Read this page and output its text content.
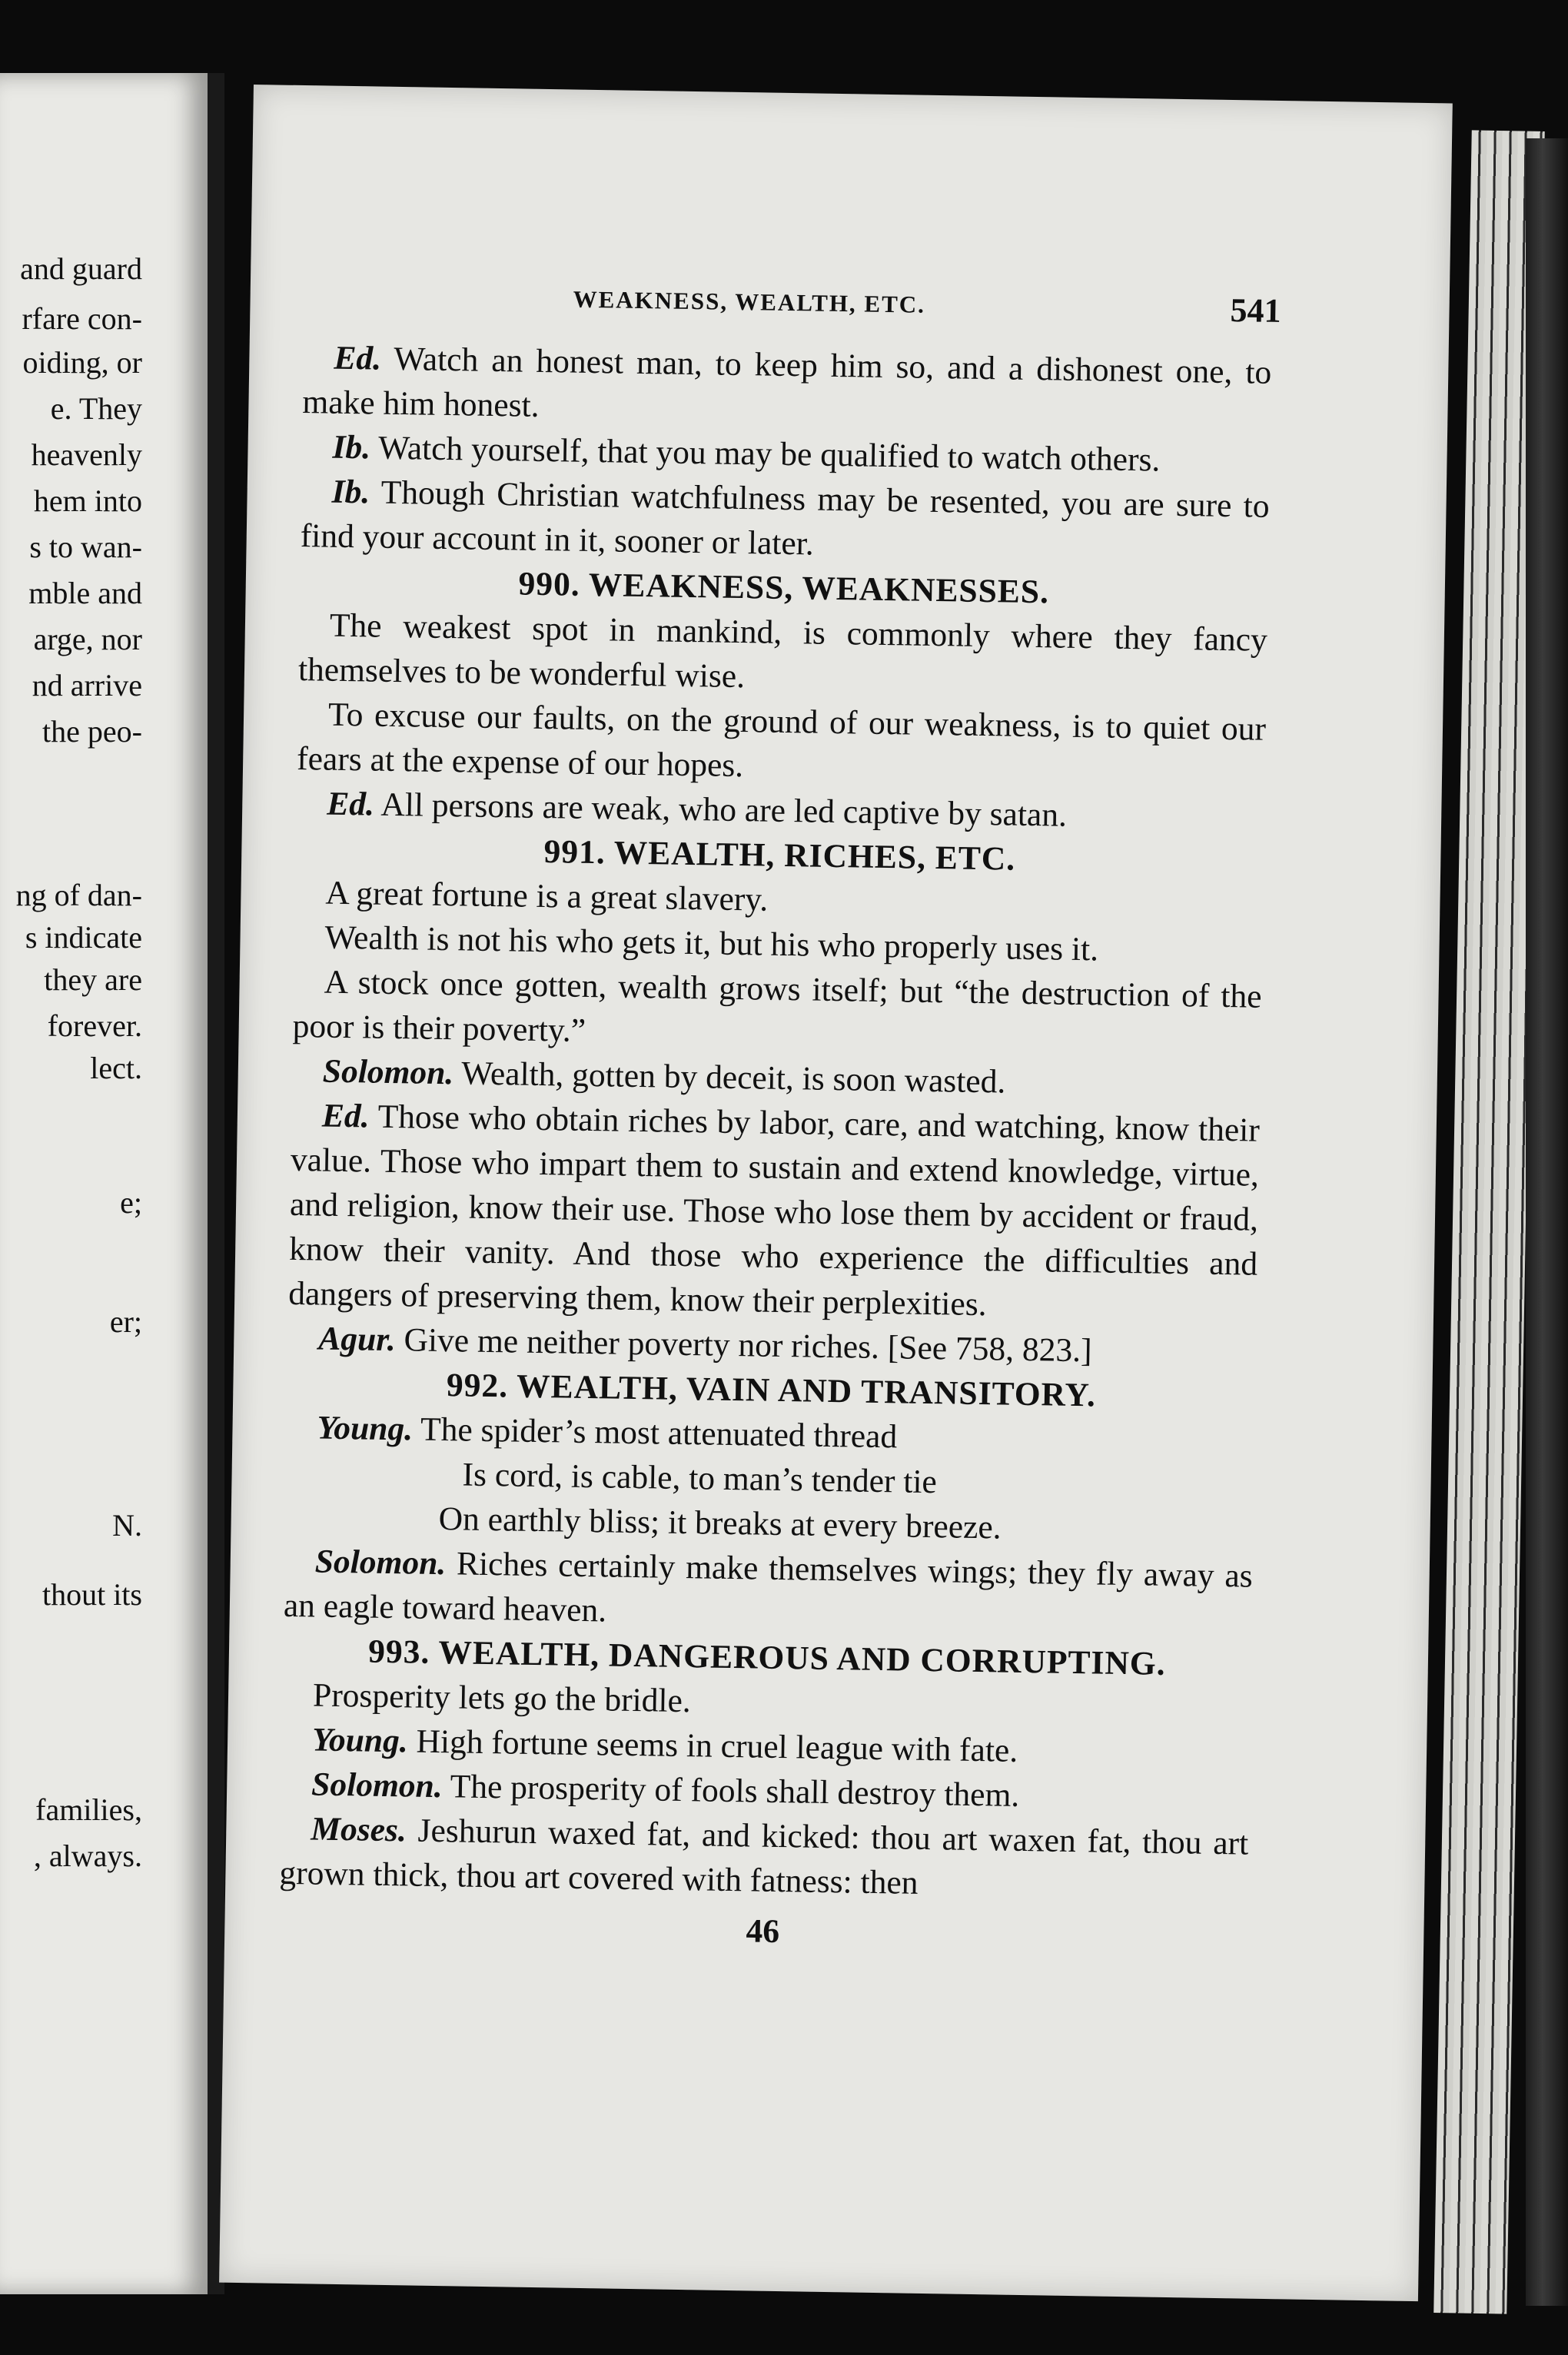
and guard
rfare con-
oiding, or
e. They
heavenly
hem into
s to wan-
mble and
arge, nor
nd arrive
the peo-
ng of dan-
s indicate
they are
forever.
lect.
e;
er;
N.
thout its
families,
, always.
WEAKNESS, WEALTH, ETC.	541

Ed. Watch an honest man, to keep him so, and a dishonest one, to make him honest.

Ib. Watch yourself, that you may be qualified to watch others.

Ib. Though Christian watchfulness may be resented, you are sure to find your account in it, sooner or later.

990. WEAKNESS, WEAKNESSES.

The weakest spot in mankind, is commonly where they fancy themselves to be wonderful wise.

To excuse our faults, on the ground of our weakness, is to quiet our fears at the expense of our hopes.

Ed. All persons are weak, who are led captive by satan.

991. WEALTH, RICHES, ETC.

A great fortune is a great slavery.

Wealth is not his who gets it, but his who properly uses it.

A stock once gotten, wealth grows itself; but “the destruction of the poor is their poverty.”

Solomon. Wealth, gotten by deceit, is soon wasted.

Ed. Those who obtain riches by labor, care, and watching, know their value. Those who impart them to sustain and extend knowledge, virtue, and religion, know their use. Those who lose them by accident or fraud, know their vanity. And those who experience the difficulties and dangers of preserving them, know their perplexities.

Agur. Give me neither poverty nor riches. [See 758, 823.]

992. WEALTH, VAIN AND TRANSITORY.

Young. The spider’s most attenuated thread
Is cord, is cable, to man’s tender tie
On earthly bliss; it breaks at every breeze.

Solomon. Riches certainly make themselves wings; they fly away as an eagle toward heaven.

993. WEALTH, DANGEROUS AND CORRUPTING.

Prosperity lets go the bridle.

Young. High fortune seems in cruel league with fate.

Solomon. The prosperity of fools shall destroy them.

Moses. Jeshurun waxed fat, and kicked: thou art waxen fat, thou art grown thick, thou art covered with fatness: then

46
